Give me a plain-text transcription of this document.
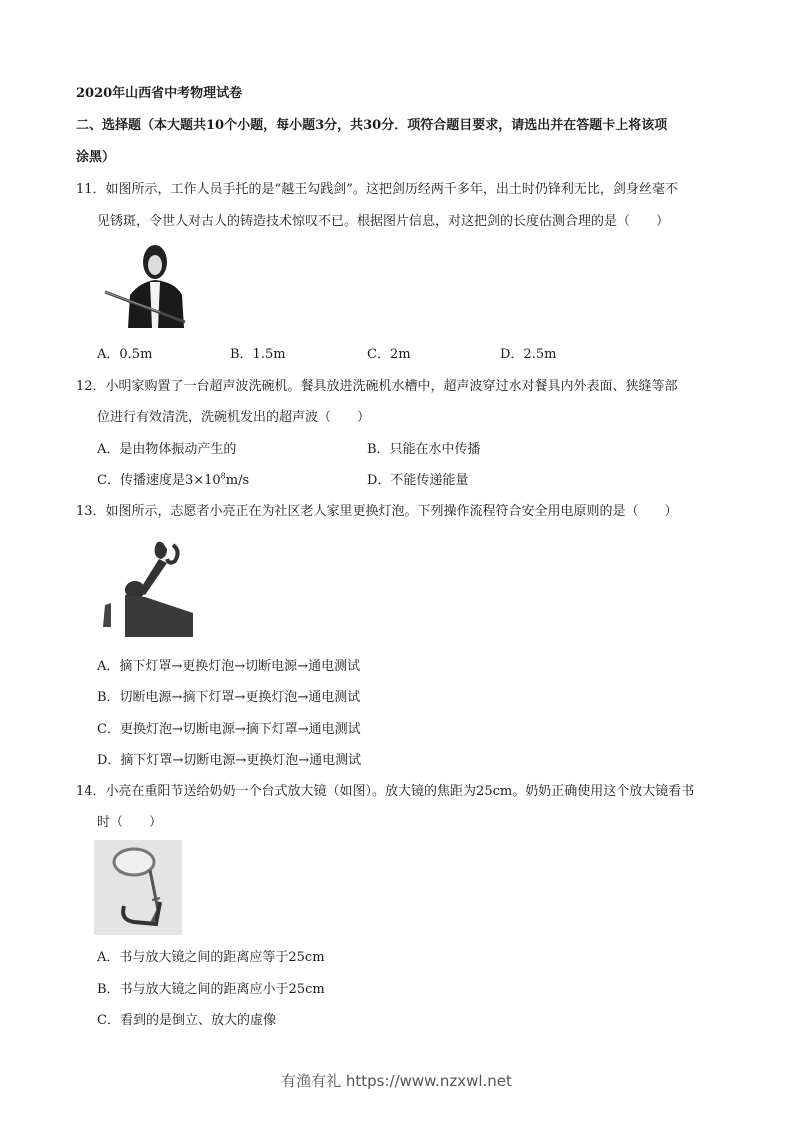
2020年山西省中考物理试卷
二、选择题（本大题共10个小题，每小题3分，共30分．项符合题目要求，请选出并在答题卡上将该项
涂黑）
11．如图所示，工作人员手托的是“越王勾践剑”。这把剑历经两千多年，出土时仍锋利无比，剑身丝毫不
见锈斑，令世人对古人的铸造技术惊叹不已。根据图片信息，对这把剑的长度估测合理的是（　　）
A．0.5m	B．1.5m	C．2m	D．2.5m
12．小明家购置了一台超声波洗碗机。餐具放进洗碗机水槽中，超声波穿过水对餐具内外表面、狭缝等部
位进行有效清洗，洗碗机发出的超声波（　　）
A．是由物体振动产生的	B．只能在水中传播
C．传播速度是$3\times 10^8m/s$	D．不能传递能量
13．如图所示，志愿者小亮正在为社区老人家里更换灯泡。下列操作流程符合安全用电原则的是（　　）
A．摘下灯罩→更换灯泡→切断电源→通电测试
B．切断电源→摘下灯罩→更换灯泡→通电测试
C．更换灯泡→切断电源→摘下灯罩→通电测试
D．摘下灯罩→切断电源→更换灯泡→通电测试
14．小亮在重阳节送给奶奶一个台式放大镜（如图）。放大镜的焦距为25cm。奶奶正确使用这个放大镜看书
时（　　）
A．书与放大镜之间的距离应等于25cm
B．书与放大镜之间的距离应小于25cm
C．看到的是倒立、放大的虚像
有渔有礼 https://www.nzxwl.net
